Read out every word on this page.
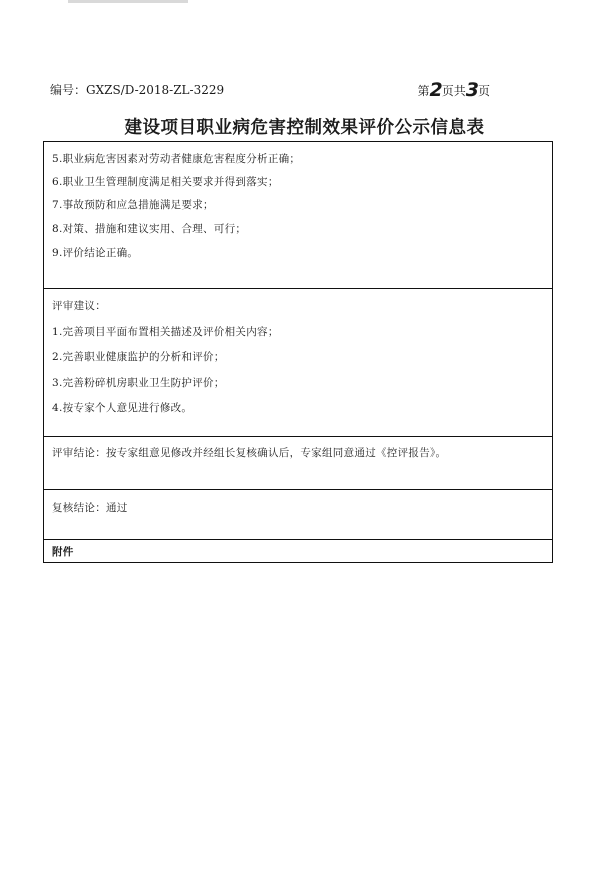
编号：GXZS/D-2018-ZL-3229	第2页共3页
建设项目职业病危害控制效果评价公示信息表
5.职业病危害因素对劳动者健康危害程度分析正确；
6.职业卫生管理制度满足相关要求并得到落实；
7.事故预防和应急措施满足要求；
8.对策、措施和建议实用、合理、可行；
9.评价结论正确。
评审建议：
1.完善项目平面布置相关描述及评价相关内容；
2.完善职业健康监护的分析和评价；
3.完善粉碎机房职业卫生防护评价；
4.按专家个人意见进行修改。
评审结论：按专家组意见修改并经组长复核确认后，专家组同意通过《控评报告》。
复核结论：通过
附件
